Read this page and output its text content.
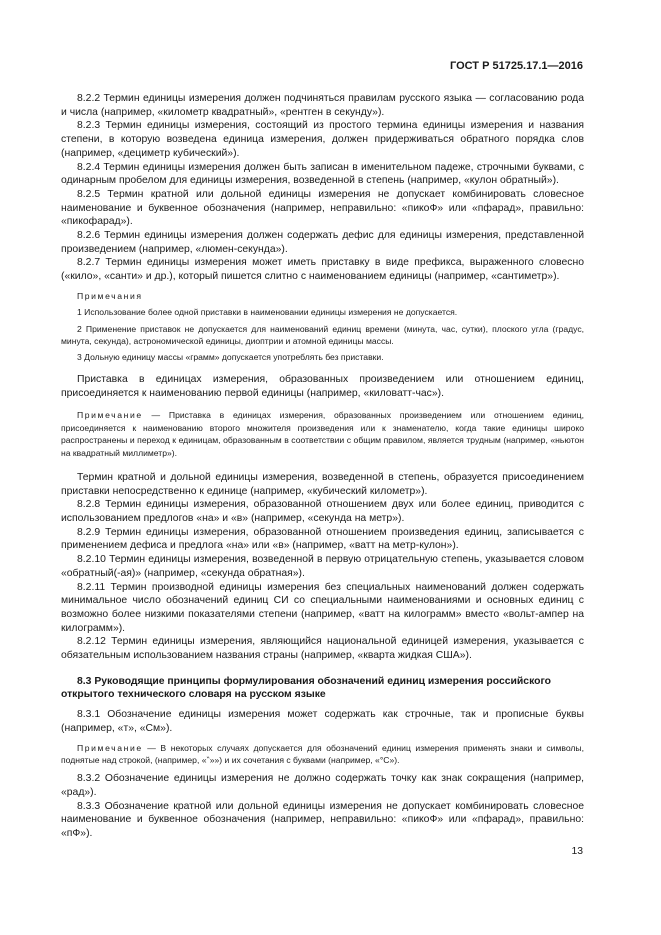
ГОСТ Р 51725.17.1—2016

8.2.2 Термин единицы измерения должен подчиняться правилам русского языка — согласованию рода и числа (например, «километр квадратный», «рентген в секунду»).

8.2.3 Термин единицы измерения, состоящий из простого термина единицы измерения и названия степени, в которую возведена единица измерения, должен придерживаться обратного порядка слов (например, «дециметр кубический»).

8.2.4 Термин единицы измерения должен быть записан в именительном падеже, строчными буквами, с одинарным пробелом для единицы измерения, возведенной в степень (например, «кулон обратный»).

8.2.5 Термин кратной или дольной единицы измерения не допускает комбинировать словесное наименование и буквенное обозначения (например, неправильно: «пикоФ» или «пфарад», правильно: «пикофарад»).

8.2.6 Термин единицы измерения должен содержать дефис для единицы измерения, представленной произведением (например, «люмен-секунда»).

8.2.7 Термин единицы измерения может иметь приставку в виде префикса, выраженного словесно («кило», «санти» и др.), который пишется слитно с наименованием единицы (например, «сантиметр»).

Примечания

1 Использование более одной приставки в наименовании единицы измерения не допускается.

2 Применение приставок не допускается для наименований единиц времени (минута, час, сутки), плоского угла (градус, минута, секунда), астрономической единицы, диоптрии и атомной единицы массы.

3 Дольную единицу массы «грамм» допускается употреблять без приставки.

Приставка в единицах измерения, образованных произведением или отношением единиц, присоединяется к наименованию первой единицы (например, «киловатт-час»).

Примечание — Приставка в единицах измерения, образованных произведением или отношением единиц, присоединяется к наименованию второго множителя произведения или к знаменателю, когда такие единицы широко распространены и переход к единицам, образованным в соответствии с общим правилом, является трудным (например, «ньютон на квадратный миллиметр»).

Термин кратной и дольной единицы измерения, возведенной в степень, образуется присоединением приставки непосредственно к единице (например, «кубический километр»).

8.2.8 Термин единицы измерения, образованной отношением двух или более единиц, приводится с использованием предлогов «на» и «в» (например, «секунда на метр»).

8.2.9 Термин единицы измерения, образованной отношением произведения единиц, записывается с применением дефиса и предлога «на» или «в» (например, «ватт на метр-кулон»).

8.2.10 Термин единицы измерения, возведенной в первую отрицательную степень, указывается словом «обратный(-ая)» (например, «секунда обратная»).

8.2.11 Термин производной единицы измерения без специальных наименований должен содержать минимальное число обозначений единиц СИ со специальными наименованиями и основных единиц с возможно более низкими показателями степени (например, «ватт на килограмм» вместо «вольт-ампер на килограмм»).

8.2.12 Термин единицы измерения, являющийся национальной единицей измерения, указывается с обязательным использованием названия страны (например, «кварта жидкая США»).

8.3 Руководящие принципы формулирования обозначений единиц измерения российского открытого технического словаря на русском языке

8.3.1 Обозначение единицы измерения может содержать как строчные, так и прописные буквы (например, «т», «См»).

Примечание — В некоторых случаях допускается для обозначений единиц измерения применять знаки и символы, поднятые над строкой, (например, «‶»») и их сочетания с буквами (например, «°С»).

8.3.2 Обозначение единицы измерения не должно содержать точку как знак сокращения (например, «рад»).

8.3.3 Обозначение кратной или дольной единицы измерения не допускает комбинировать словесное наименование и буквенное обозначения (например, неправильно: «пикоФ» или «пфарад», правильно: «пФ»).

13
